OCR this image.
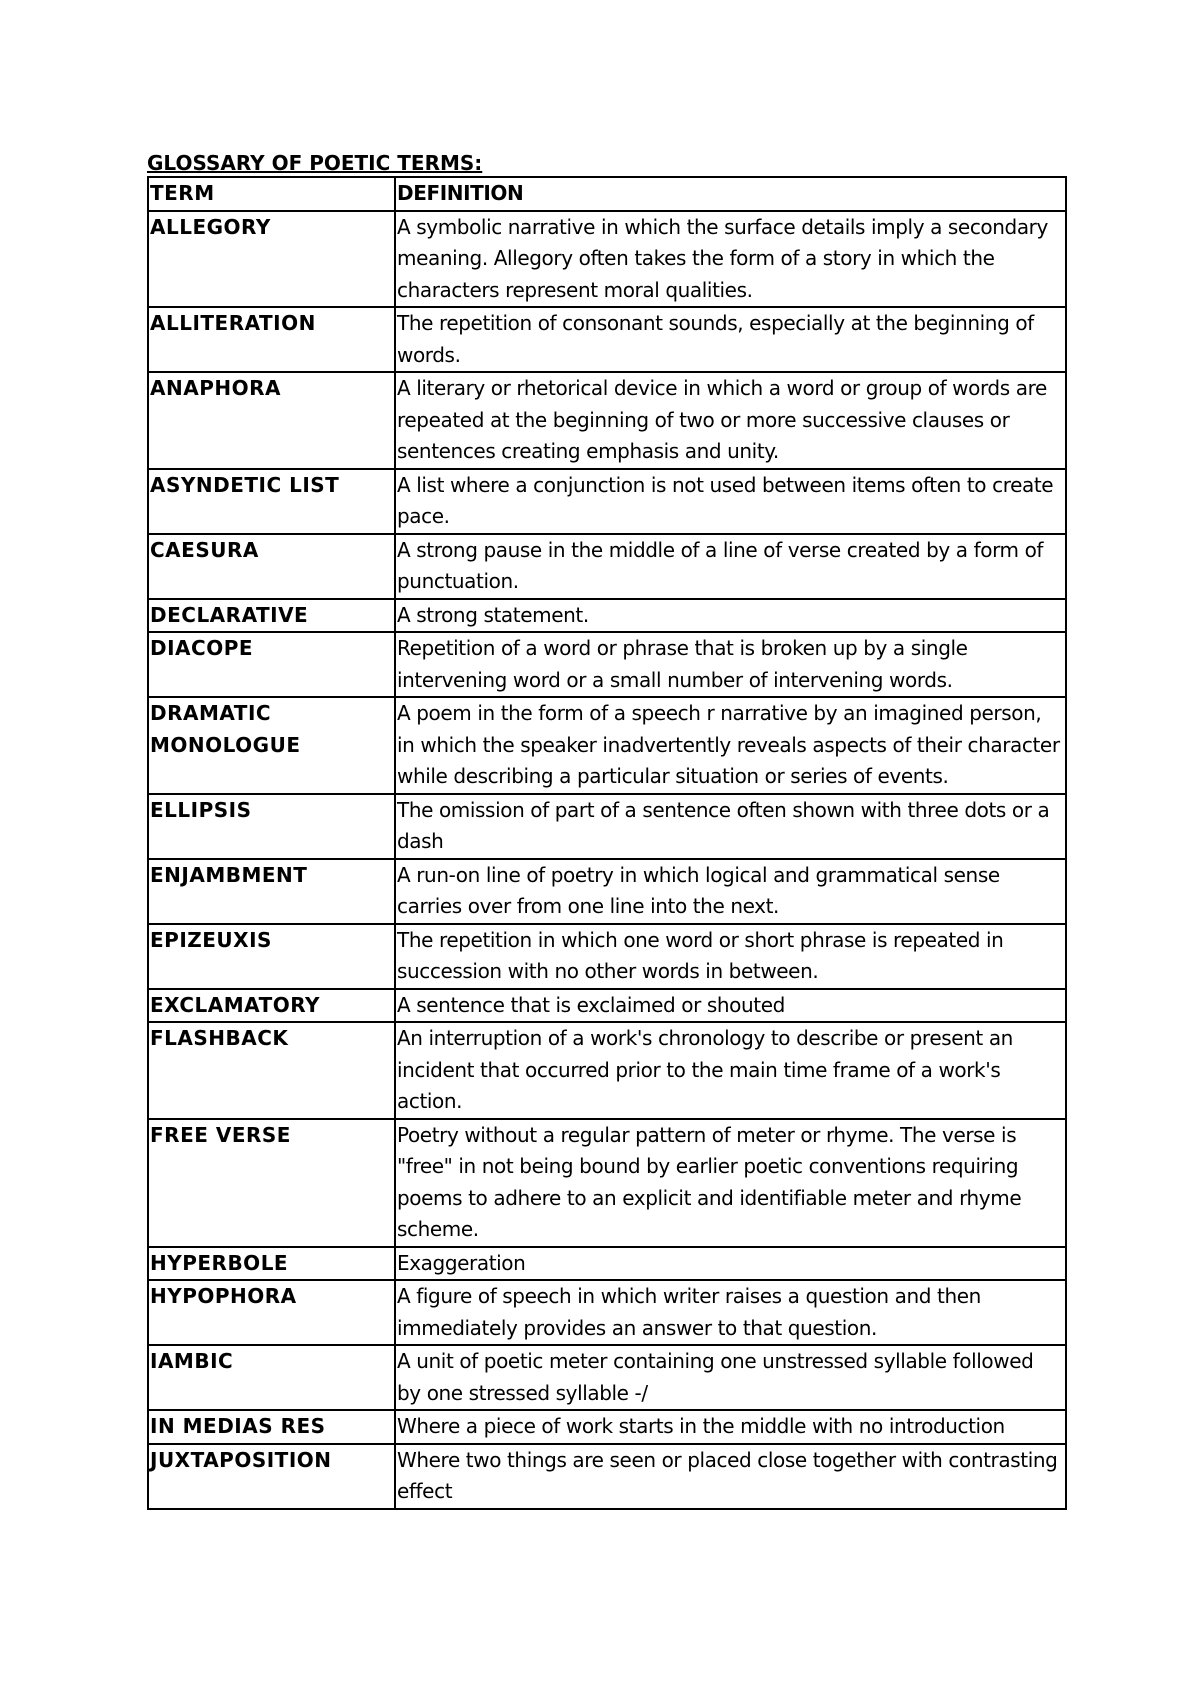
GLOSSARY OF POETIC TERMS:
TERM	DEFINITION
ALLEGORY	A symbolic narrative in which the surface details imply a secondary meaning. Allegory often takes the form of a story in which the characters represent moral qualities.
ALLITERATION	The repetition of consonant sounds, especially at the beginning of words.
ANAPHORA	A literary or rhetorical device in which a word or group of words are repeated at the beginning of two or more successive clauses or sentences creating emphasis and unity.
ASYNDETIC LIST	A list where a conjunction is not used between items often to create pace.
CAESURA	A strong pause in the middle of a line of verse created by a form of punctuation.
DECLARATIVE	A strong statement.
DIACOPE	Repetition of a word or phrase that is broken up by a single intervening word or a small number of intervening words.
DRAMATIC MONOLOGUE	A poem in the form of a speech r narrative by an imagined person, in which the speaker inadvertently reveals aspects of their character while describing a particular situation or series of events.
ELLIPSIS	The omission of part of a sentence often shown with three dots or a dash
ENJAMBMENT	A run-on line of poetry in which logical and grammatical sense carries over from one line into the next.
EPIZEUXIS	The repetition in which one word or short phrase is repeated in succession with no other words in between.
EXCLAMATORY	A sentence that is exclaimed or shouted
FLASHBACK	An interruption of a work's chronology to describe or present an incident that occurred prior to the main time frame of a work's action.
FREE VERSE	Poetry without a regular pattern of meter or rhyme. The verse is "free" in not being bound by earlier poetic conventions requiring poems to adhere to an explicit and identifiable meter and rhyme scheme.
HYPERBOLE	Exaggeration
HYPOPHORA	A figure of speech in which writer raises a question and then immediately provides an answer to that question.
IAMBIC	A unit of poetic meter containing one unstressed syllable followed by one stressed syllable -/
IN MEDIAS RES	Where a piece of work starts in the middle with no introduction
JUXTAPOSITION	Where two things are seen or placed close together with contrasting effect
